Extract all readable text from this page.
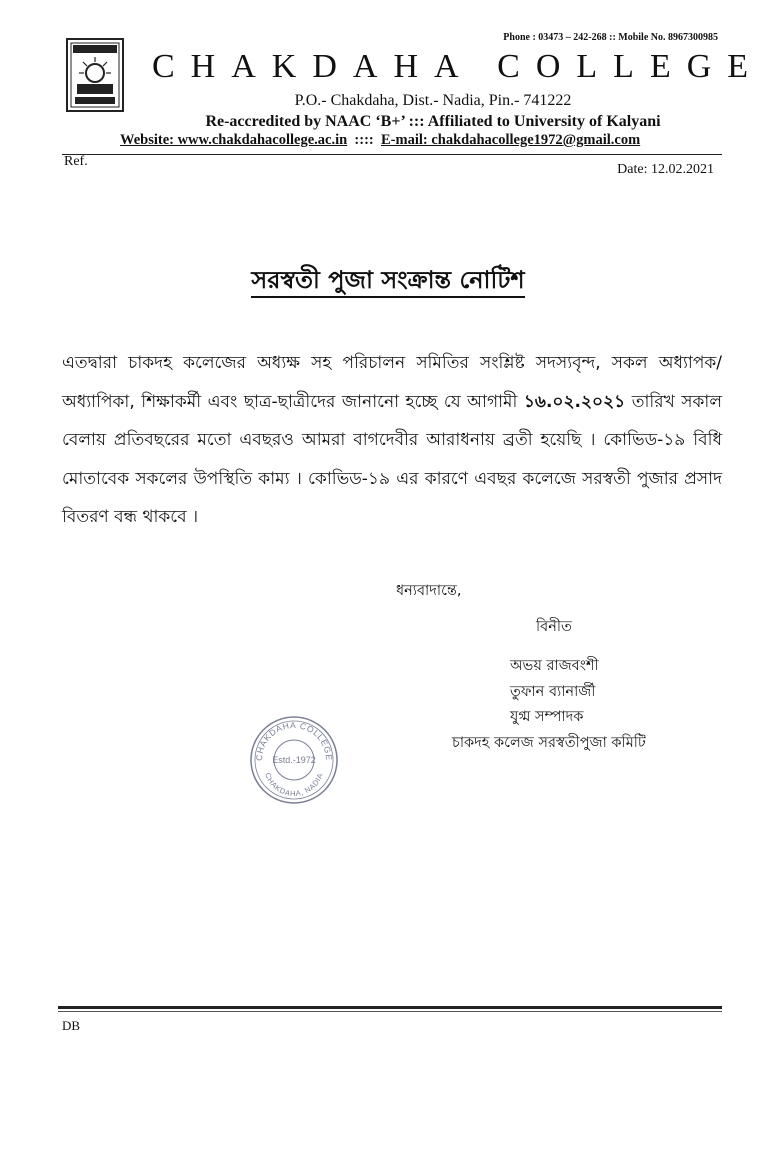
Phone : 03473 – 242-268 :: Mobile No. 8967300985
CHAKDAHA COLLEGE
P.O.- Chakdaha, Dist.- Nadia, Pin.- 741222
Re-accredited by NAAC ‘B+’ ::: Affiliated to University of Kalyani
Website: www.chakdahacollege.ac.in  ::::  E-mail: chakdahacollege1972@gmail.com
Ref.
Date: 12.02.2021
সরস্বতী পুজা সংক্রান্ত নোটিশ
এতদ্বারা চাকদহ কলেজের অধ্যক্ষ সহ পরিচালন সমিতির সংশ্লিষ্ট সদস্যবৃন্দ, সকল অধ্যাপক/অধ্যাপিকা, শিক্ষাকর্মী এবং ছাত্র-ছাত্রীদের জানানো হচ্ছে যে আগামী ১৬.০২.২০২১ তারিখ সকাল বেলায় প্রতিবছরের মতো এবছরও আমরা বাগদেবীর আরাধনায় ব্রতী হয়েছি । কোভিড-১৯ বিধি মোতাবেক সকলের উপস্থিতি কাম্য । কোভিড-১৯ এর কারণে এবছর কলেজে সরস্বতী পুজার প্রসাদ বিতরণ বন্ধ থাকবে ।
ধন্যবাদান্তে,
বিনীত
অভয় রাজবংশী
তুফান ব্যানার্জী
যুগ্ম সম্পাদক
চাকদহ কলেজ সরস্বতীপুজা কমিটি
CHAKDAHA COLLEGE
CHAKDAHA, NADIA
Estd.-1972
DB
